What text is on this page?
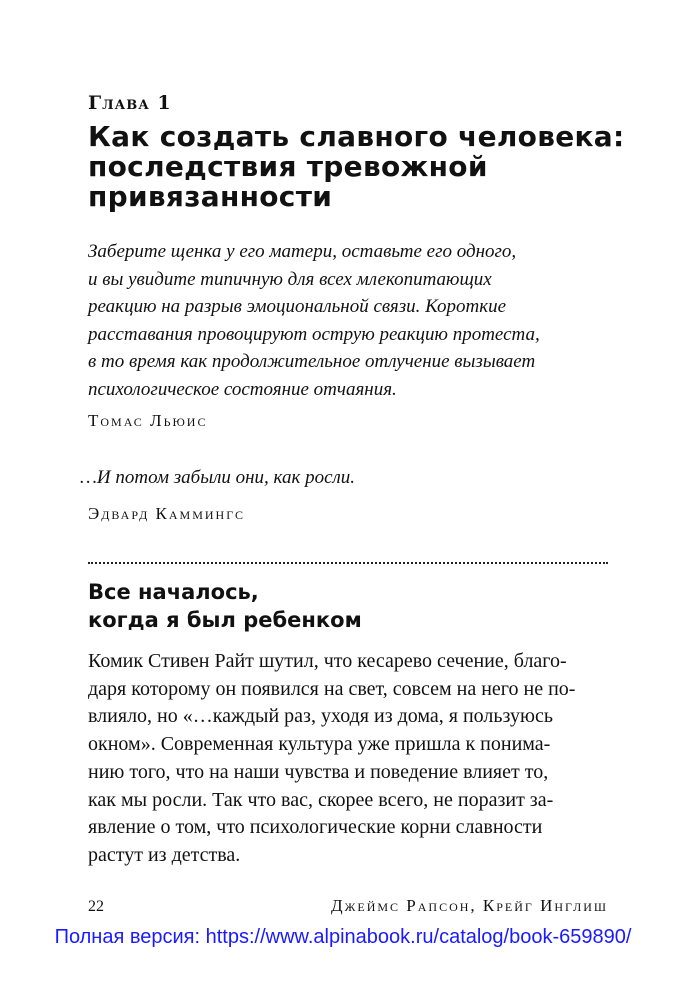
Глава 1
Как создать славного человека:
последствия тревожной
привязанности
Заберите щенка у его матери, оставьте его одного,
и вы увидите типичную для всех млекопитающих
реакцию на разрыв эмоциональной связи. Короткие
расставания провоцируют острую реакцию протеста,
в то время как продолжительное отлучение вызывает
психологическое состояние отчаяния.
Томас Льюис
…И потом забыли они, как росли.
Эдвард Каммингс
Все началось,
когда я был ребенком
Комик Стивен Райт шутил, что кесарево сечение, благо-
даря которому он появился на свет, совсем на него не по-
влияло, но «…каждый раз, уходя из дома, я пользуюсь
окном». Современная культура уже пришла к понима-
нию того, что на наши чувства и поведение влияет то,
как мы росли. Так что вас, скорее всего, не поразит за-
явление о том, что психологические корни славности
растут из детства.
22	Джеймс Рапсон, Крейг Инглиш
Полная версия: https://www.alpinabook.ru/catalog/book-659890/
